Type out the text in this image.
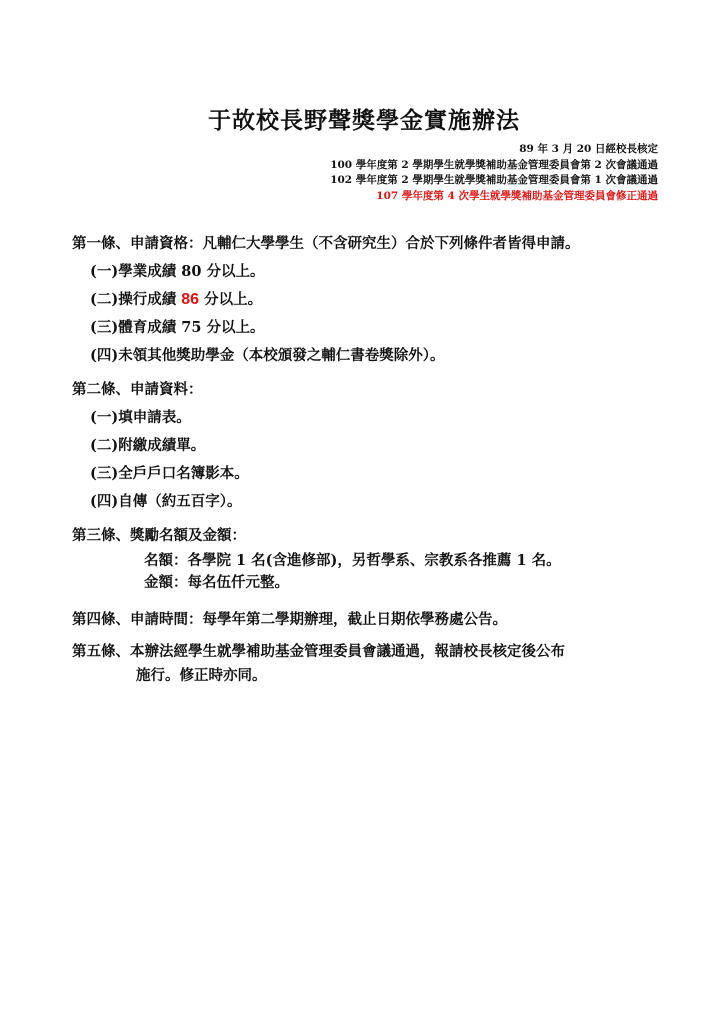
于故校長野聲獎學金實施辦法
89 年 3 月 20 日經校長核定
100 學年度第 2 學期學生就學獎補助基金管理委員會第 2 次會議通過
102 學年度第 2 學期學生就學獎補助基金管理委員會第 1 次會議通過
107 學年度第 4 次學生就學獎補助基金管理委員會修正通過
第一條、申請資格：凡輔仁大學學生（不含研究生）合於下列條件者皆得申請。
(一)學業成績 80 分以上。
(二)操行成績 86 分以上。
(三)體育成績 75 分以上。
(四)未領其他獎助學金（本校頒發之輔仁書卷獎除外）。
第二條、申請資料：
(一)填申請表。
(二)附繳成績單。
(三)全戶戶口名簿影本。
(四)自傳（約五百字）。
第三條、獎勵名額及金額：
名額：各學院 1 名(含進修部)，另哲學系、宗教系各推薦 1 名。
金額：每名伍仟元整。
第四條、申請時間：每學年第二學期辦理，截止日期依學務處公告。
第五條、本辦法經學生就學補助基金管理委員會議通過，報請校長核定後公布
施行。修正時亦同。
